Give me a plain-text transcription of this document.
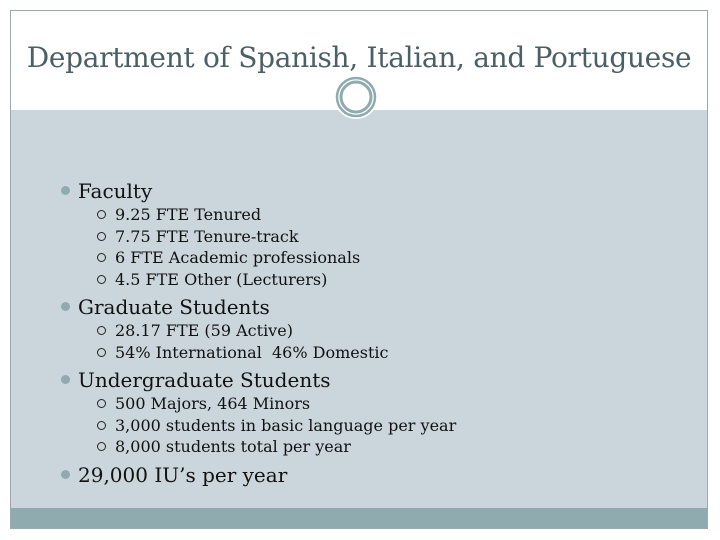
Department of Spanish, Italian, and Portuguese
Faculty
9.25 FTE Tenured
7.75 FTE Tenure-track
6 FTE Academic professionals
4.5 FTE Other (Lecturers)
Graduate Students
28.17 FTE (59 Active)
54% International  46% Domestic
Undergraduate Students
500 Majors, 464 Minors
3,000 students in basic language per year
8,000 students total per year
29,000 IU’s per year
